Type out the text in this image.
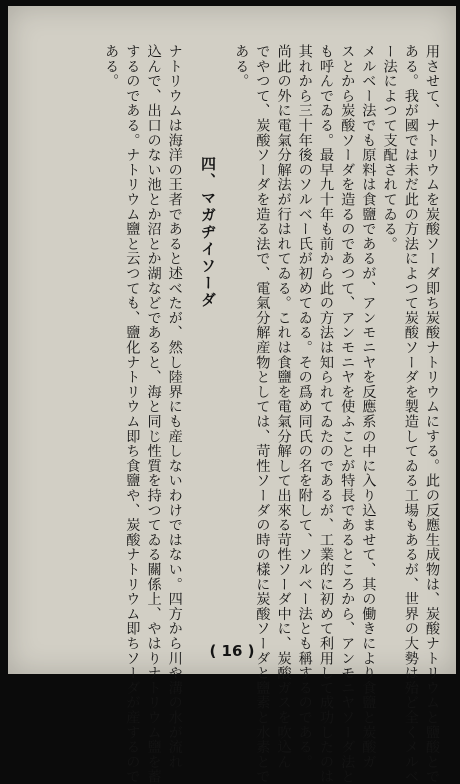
用させて、ナトリウムを炭酸ソーダ即ち炭酸ナトリウムにする。此の反應生成物は、炭酸ナトリウムと鹽酸とで
ある。我が國では未だ此の方法によつて炭酸ソーダを製造してゐる工場もあるが、世界の大勢は殆ど全くメルベ
ー法によつて支配されてゐる。
メルベー法でも原料は食鹽であるが、アンモニヤを反應系の中に入り込ませて、其の働きにより食鹽と炭酸ガ
スとから炭酸ソーダを造るのであつて、アンモニヤを使ふことが特長であるところから、アンモニヤソーダ法と
も呼んでゐる。最早九十年も前から此の方法は知られてゐたのであるが、工業的に初めて利用して成功したのは
其れから三十年後のソルベー氏が初めてゐる。その爲め同氏の名を附して、ソルベー法とも稱するのである。
尚此の外に電氣分解法が行はれてゐる。これは食鹽を電氣分解して出來る苛性ソーダ中に、炭酸ガスを吹込ん
でやつて、炭酸ソーダを造る法で、電氣分解産物としては、苛性ソーダの時の樣に炭酸ソーダと鹽素と水素とで
ある。
四、マガヂイソーダ
ナトリウムは海洋の王者であると述べたが、然し陸界にも産しないわけではない。四方から川や溝の水が流れ
込んで、出口のない池とか沼とか湖などであると、海と同じ性質を持つてゐる關係上、やはりナトリウム鹽を蓄
するのである。ナトリウム鹽と云つても、鹽化ナトリウム即ち食鹽や、炭酸ナトリウム即ちソーダが産するので
ある。
( 16 )
